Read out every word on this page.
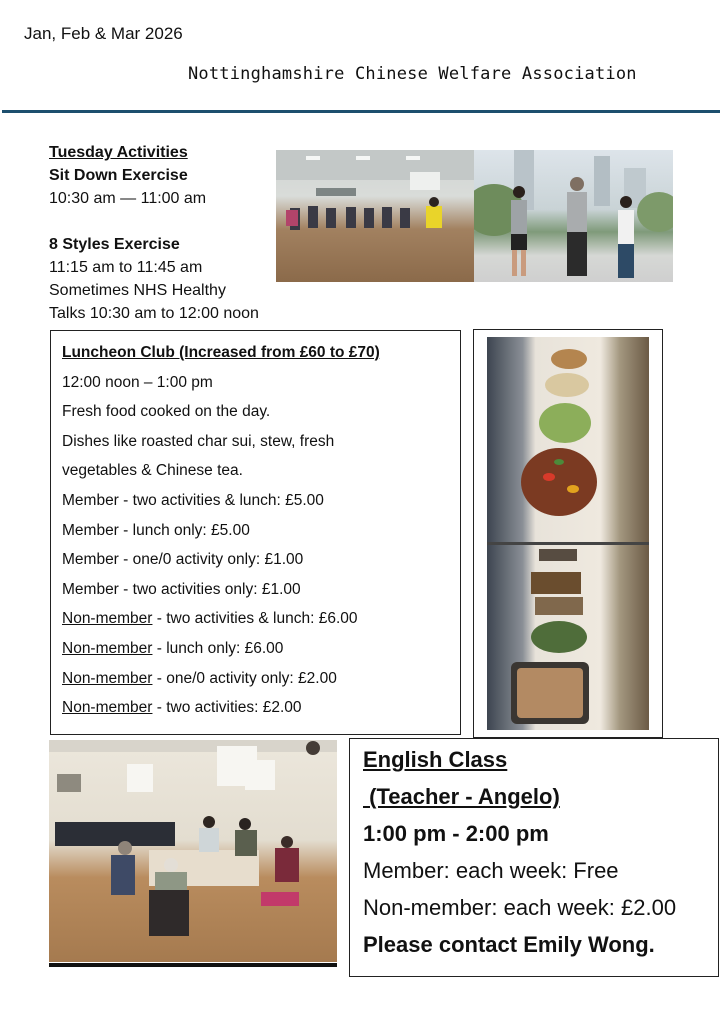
Jan, Feb & Mar 2026
Nottinghamshire Chinese Welfare Association
Tuesday Activities
Sit Down Exercise
10:30 am — 11:00 am
8 Styles Exercise
11:15 am to 11:45 am
Sometimes NHS Healthy
Talks 10:30 am to 12:00 noon
Luncheon Club (Increased from £60 to £70)
12:00 noon – 1:00 pm
Fresh food cooked on the day.
Dishes like roasted char sui, stew, fresh
vegetables & Chinese tea.
Member - two activities & lunch: £5.00
Member - lunch only: £5.00
Member - one/0 activity only: £1.00
Member - two activities only: £1.00
Non-member - two activities & lunch: £6.00
Non-member - lunch only: £6.00
Non-member - one/0 activity only: £2.00
Non-member - two activities: £2.00
English Class
(Teacher - Angelo)
1:00 pm - 2:00 pm
Member: each week: Free
Non-member: each week: £2.00
Please contact Emily Wong.
